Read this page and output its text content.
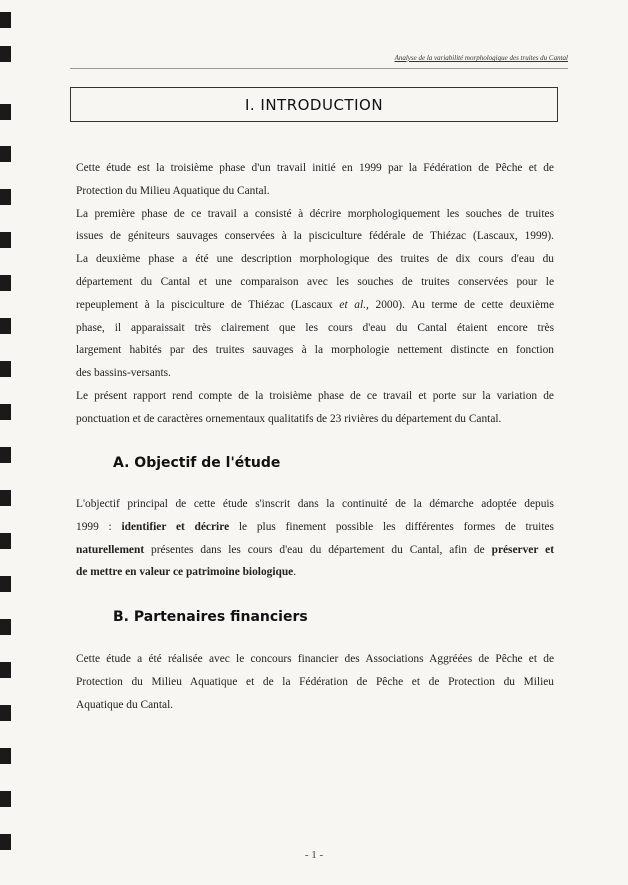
Analyse de la variabilité morphologique des truites du Cantal
I. INTRODUCTION

Cette étude est la troisième phase d'un travail initié en 1999 par la Fédération de Pêche et de

Protection du Milieu Aquatique du Cantal.

La première phase de ce travail a consisté à décrire morphologiquement les souches de truites

issues de géniteurs sauvages conservées à la pisciculture fédérale de Thiézac (Lascaux, 1999).

La deuxième phase a été une description morphologique des truites de dix cours d'eau du

département du Cantal et une comparaison avec les souches de truites conservées pour le

repeuplement à la pisciculture de Thiézac (Lascaux et al., 2000). Au terme de cette deuxième

phase, il apparaissait très clairement que les cours d'eau du Cantal étaient encore très

largement habités par des truites sauvages à la morphologie nettement distincte en fonction

des bassins-versants.

Le présent rapport rend compte de la troisième phase de ce travail et porte sur la variation de

ponctuation et de caractères ornementaux qualitatifs de 23 rivières du département du Cantal.

A. Objectif de l'étude

L'objectif principal de cette étude s'inscrit dans la continuité de la démarche adoptée depuis

1999 : identifier et décrire le plus finement possible les différentes formes de truites

naturellement présentes dans les cours d'eau du département du Cantal, afin de préserver et

de mettre en valeur ce patrimoine biologique.

B. Partenaires financiers

Cette étude a été réalisée avec le concours financier des Associations Aggréées de Pêche et de

Protection du Milieu Aquatique et de la Fédération de Pêche et de Protection du Milieu

Aquatique du Cantal.

- 1 -
